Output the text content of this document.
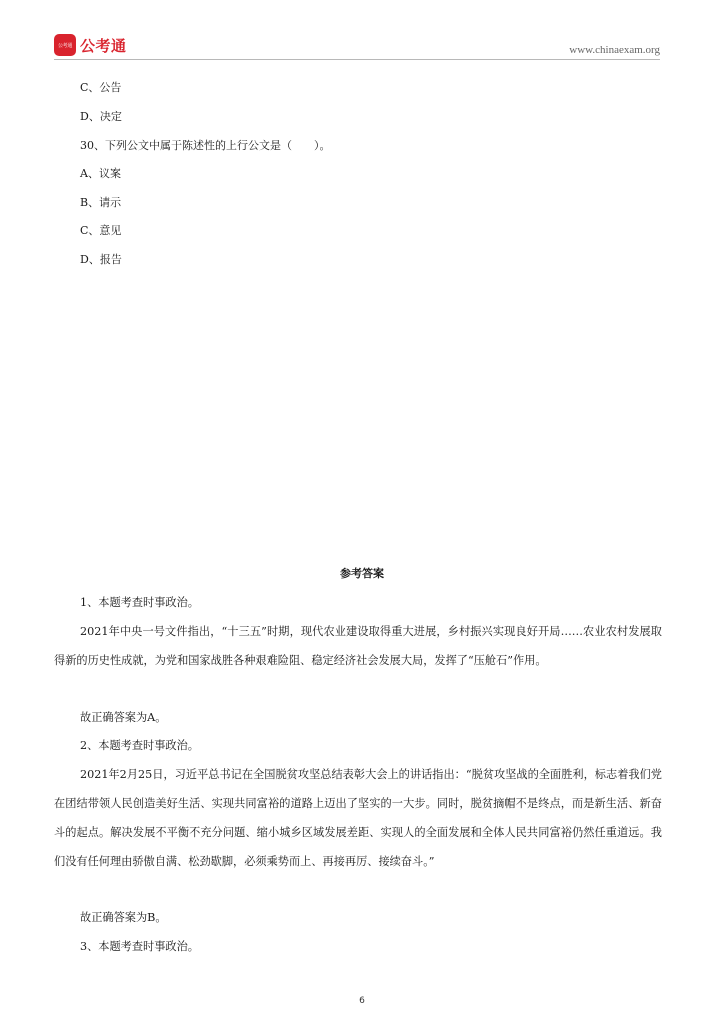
公考通 公考通	www.chinaexam.org
C、公告
D、决定
30、下列公文中属于陈述性的上行公文是（　　）。
A、议案
B、请示
C、意见
D、报告
参考答案

1、本题考查时事政治。

2021年中央一号文件指出，“十三五”时期，现代农业建设取得重大进展，乡村振兴实现良好开局……农业农村发展取得新的历史性成就，为党和国家战胜各种艰难险阻、稳定经济社会发展大局，发挥了“压舱石”作用。

故正确答案为A。

2、本题考查时事政治。

2021年2月25日，习近平总书记在全国脱贫攻坚总结表彰大会上的讲话指出：“脱贫攻坚战的全面胜利，标志着我们党在团结带领人民创造美好生活、实现共同富裕的道路上迈出了坚实的一大步。同时，脱贫摘帽不是终点，而是新生活、新奋斗的起点。解决发展不平衡不充分问题、缩小城乡区域发展差距、实现人的全面发展和全体人民共同富裕仍然任重道远。我们没有任何理由骄傲自满、松劲歇脚，必须乘势而上、再接再厉、接续奋斗。”

故正确答案为B。

3、本题考查时事政治。

6
